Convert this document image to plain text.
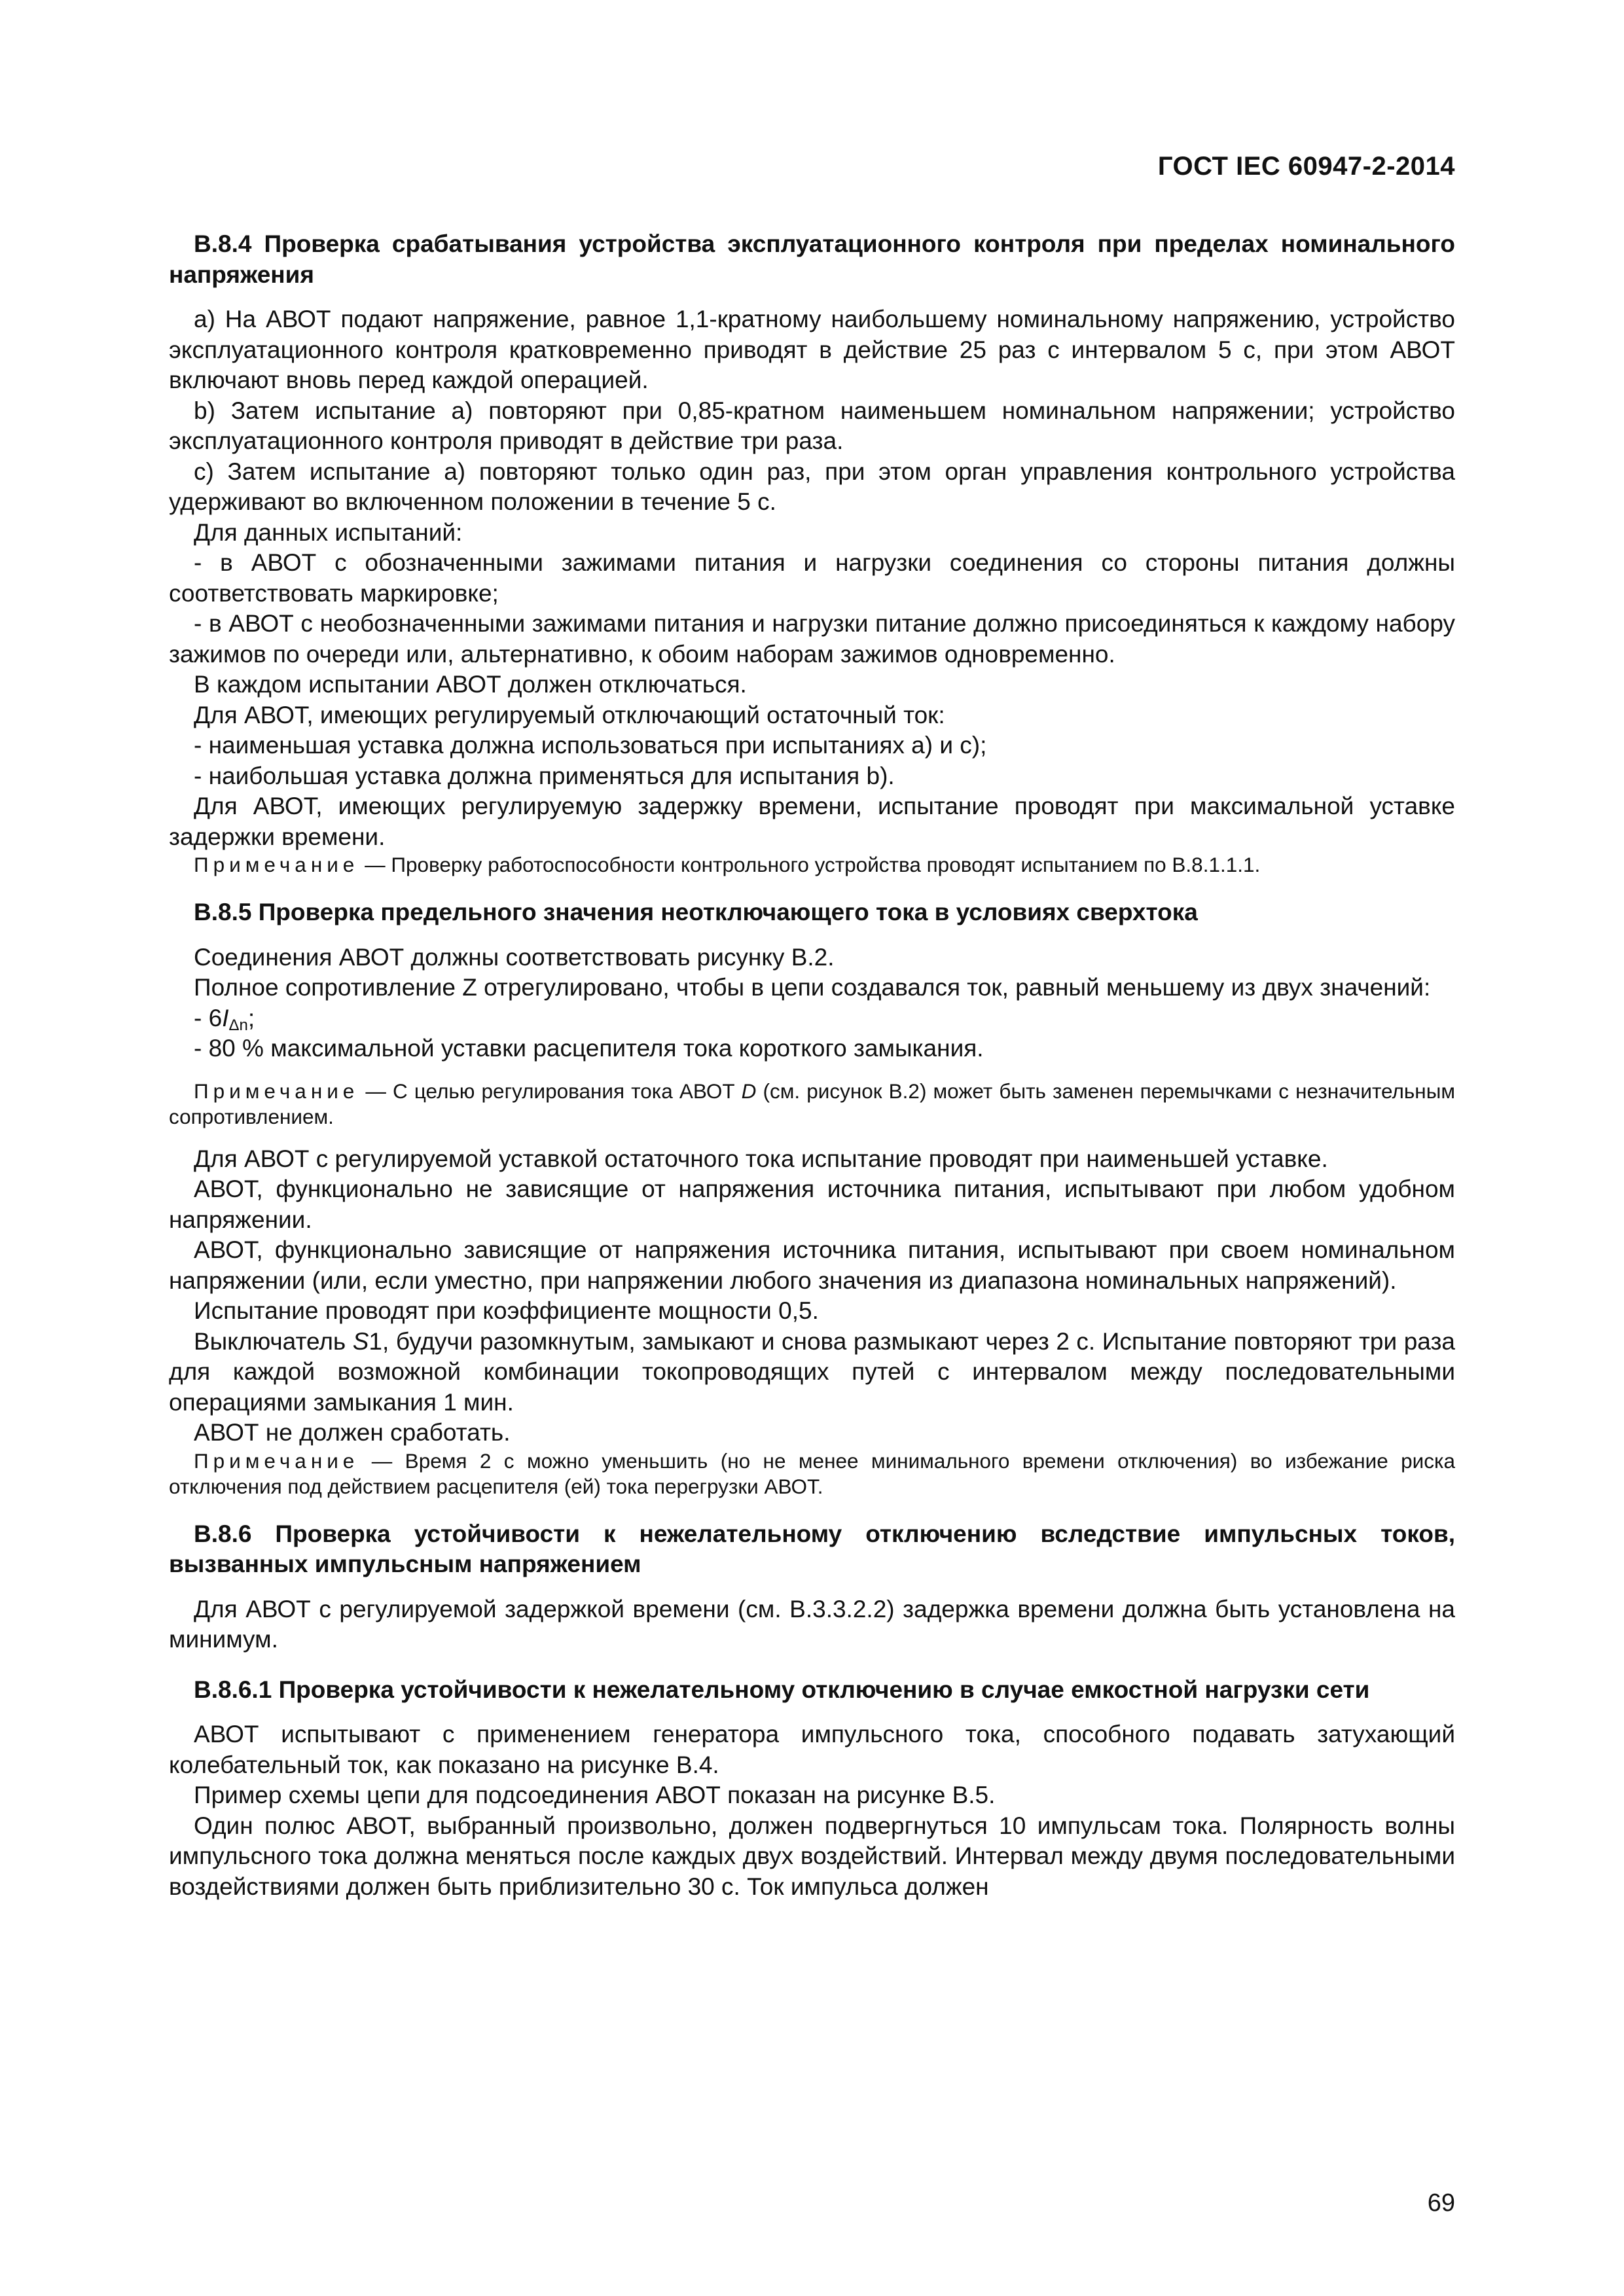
ГОСТ IEC 60947-2-2014

В.8.4 Проверка срабатывания устройства эксплуатационного контроля при пределах номинального напряжения

a) На АВОТ подают напряжение, равное 1,1-кратному наибольшему номинальному напряжению, устройство эксплуатационного контроля кратковременно приводят в действие 25 раз с интервалом 5 с, при этом АВОТ включают вновь перед каждой операцией.

b) Затем испытание а) повторяют при 0,85-кратном наименьшем номинальном напряжении; устройство эксплуатационного контроля приводят в действие три раза.

c) Затем испытание а) повторяют только один раз, при этом орган управления контрольного устройства удерживают во включенном положении в течение 5 с.

Для данных испытаний:

- в АВОТ с обозначенными зажимами питания и нагрузки соединения со стороны питания должны соответствовать маркировке;

- в АВОТ с необозначенными зажимами питания и нагрузки питание должно присоединяться к каждому набору зажимов по очереди или, альтернативно, к обоим наборам зажимов одновременно.

В каждом испытании АВОТ должен отключаться.

Для АВОТ, имеющих регулируемый отключающий остаточный ток:

- наименьшая уставка должна использоваться при испытаниях а) и с);

- наибольшая уставка должна применяться для испытания b).

Для АВОТ, имеющих регулируемую задержку времени, испытание проводят при максимальной уставке задержки времени.

Примечание — Проверку работоспособности контрольного устройства проводят испытанием по В.8.1.1.1.

В.8.5 Проверка предельного значения неотключающего тока в условиях сверхтока

Соединения АВОТ должны соответствовать рисунку В.2.

Полное сопротивление Z отрегулировано, чтобы в цепи создавался ток, равный меньшему из двух значений:

- $6I_{\Delta n}$;

- 80 % максимальной уставки расцепителя тока короткого замыкания.

Примечание — С целью регулирования тока АВОТ D (см. рисунок В.2) может быть заменен перемычками с незначительным сопротивлением.

Для АВОТ с регулируемой уставкой остаточного тока испытание проводят при наименьшей уставке.

АВОТ, функционально не зависящие от напряжения источника питания, испытывают при любом удобном напряжении.

АВОТ, функционально зависящие от напряжения источника питания, испытывают при своем номинальном напряжении (или, если уместно, при напряжении любого значения из диапазона номинальных напряжений).

Испытание проводят при коэффициенте мощности 0,5.

Выключатель S1, будучи разомкнутым, замыкают и снова размыкают через 2 с. Испытание повторяют три раза для каждой возможной комбинации токопроводящих путей с интервалом между последовательными операциями замыкания 1 мин.

АВОТ не должен сработать.

Примечание — Время 2 с можно уменьшить (но не менее минимального времени отключения) во избежание риска отключения под действием расцепителя (ей) тока перегрузки АВОТ.

В.8.6 Проверка устойчивости к нежелательному отключению вследствие импульсных токов, вызванных импульсным напряжением

Для АВОТ с регулируемой задержкой времени (см. В.3.3.2.2) задержка времени должна быть установлена на минимум.

В.8.6.1 Проверка устойчивости к нежелательному отключению в случае емкостной нагрузки сети

АВОТ испытывают с применением генератора импульсного тока, способного подавать затухающий колебательный ток, как показано на рисунке В.4.

Пример схемы цепи для подсоединения АВОТ показан на рисунке В.5.

Один полюс АВОТ, выбранный произвольно, должен подвергнуться 10 импульсам тока. Полярность волны импульсного тока должна меняться после каждых двух воздействий. Интервал между двумя последовательными воздействиями должен быть приблизительно 30 с. Ток импульса должен

69
